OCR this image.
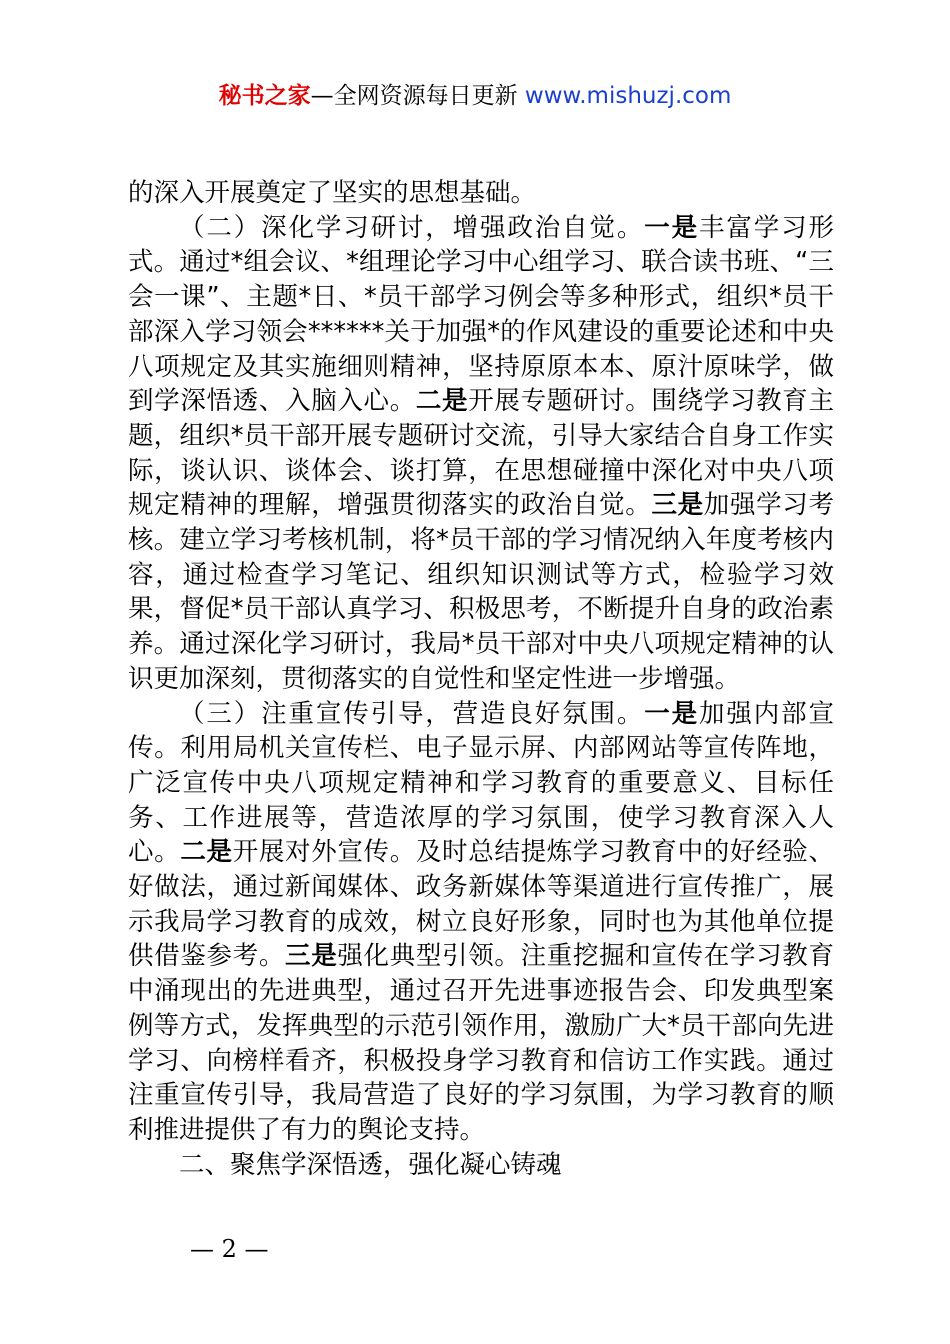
秘书之家—全网资源每日更新 www.mishuzj.com

的深入开展奠定了坚实的思想基础。

（二）深化学习研讨，增强政治自觉。一是丰富学习形式。通过*组会议、*组理论学习中心组学习、联合读书班、“三会一课”、主题*日、*员干部学习例会等多种形式，组织*员干部深入学习领会******关于加强*的作风建设的重要论述和中央八项规定及其实施细则精神，坚持原原本本、原汁原味学，做到学深悟透、入脑入心。二是开展专题研讨。围绕学习教育主题，组织*员干部开展专题研讨交流，引导大家结合自身工作实际，谈认识、谈体会、谈打算，在思想碰撞中深化对中央八项规定精神的理解，增强贯彻落实的政治自觉。三是加强学习考核。建立学习考核机制，将*员干部的学习情况纳入年度考核内容，通过检查学习笔记、组织知识测试等方式，检验学习效果，督促*员干部认真学习、积极思考，不断提升自身的政治素养。通过深化学习研讨，我局*员干部对中央八项规定精神的认识更加深刻，贯彻落实的自觉性和坚定性进一步增强。

（三）注重宣传引导，营造良好氛围。一是加强内部宣传。利用局机关宣传栏、电子显示屏、内部网站等宣传阵地，广泛宣传中央八项规定精神和学习教育的重要意义、目标任务、工作进展等，营造浓厚的学习氛围，使学习教育深入人心。二是开展对外宣传。及时总结提炼学习教育中的好经验、好做法，通过新闻媒体、政务新媒体等渠道进行宣传推广，展示我局学习教育的成效，树立良好形象，同时也为其他单位提供借鉴参考。三是强化典型引领。注重挖掘和宣传在学习教育中涌现出的先进典型，通过召开先进事迹报告会、印发典型案例等方式，发挥典型的示范引领作用，激励广大*员干部向先进学习、向榜样看齐，积极投身学习教育和信访工作实践。通过注重宣传引导，我局营造了良好的学习氛围，为学习教育的顺利推进提供了有力的舆论支持。

二、聚焦学深悟透，强化凝心铸魂

— 2 —
